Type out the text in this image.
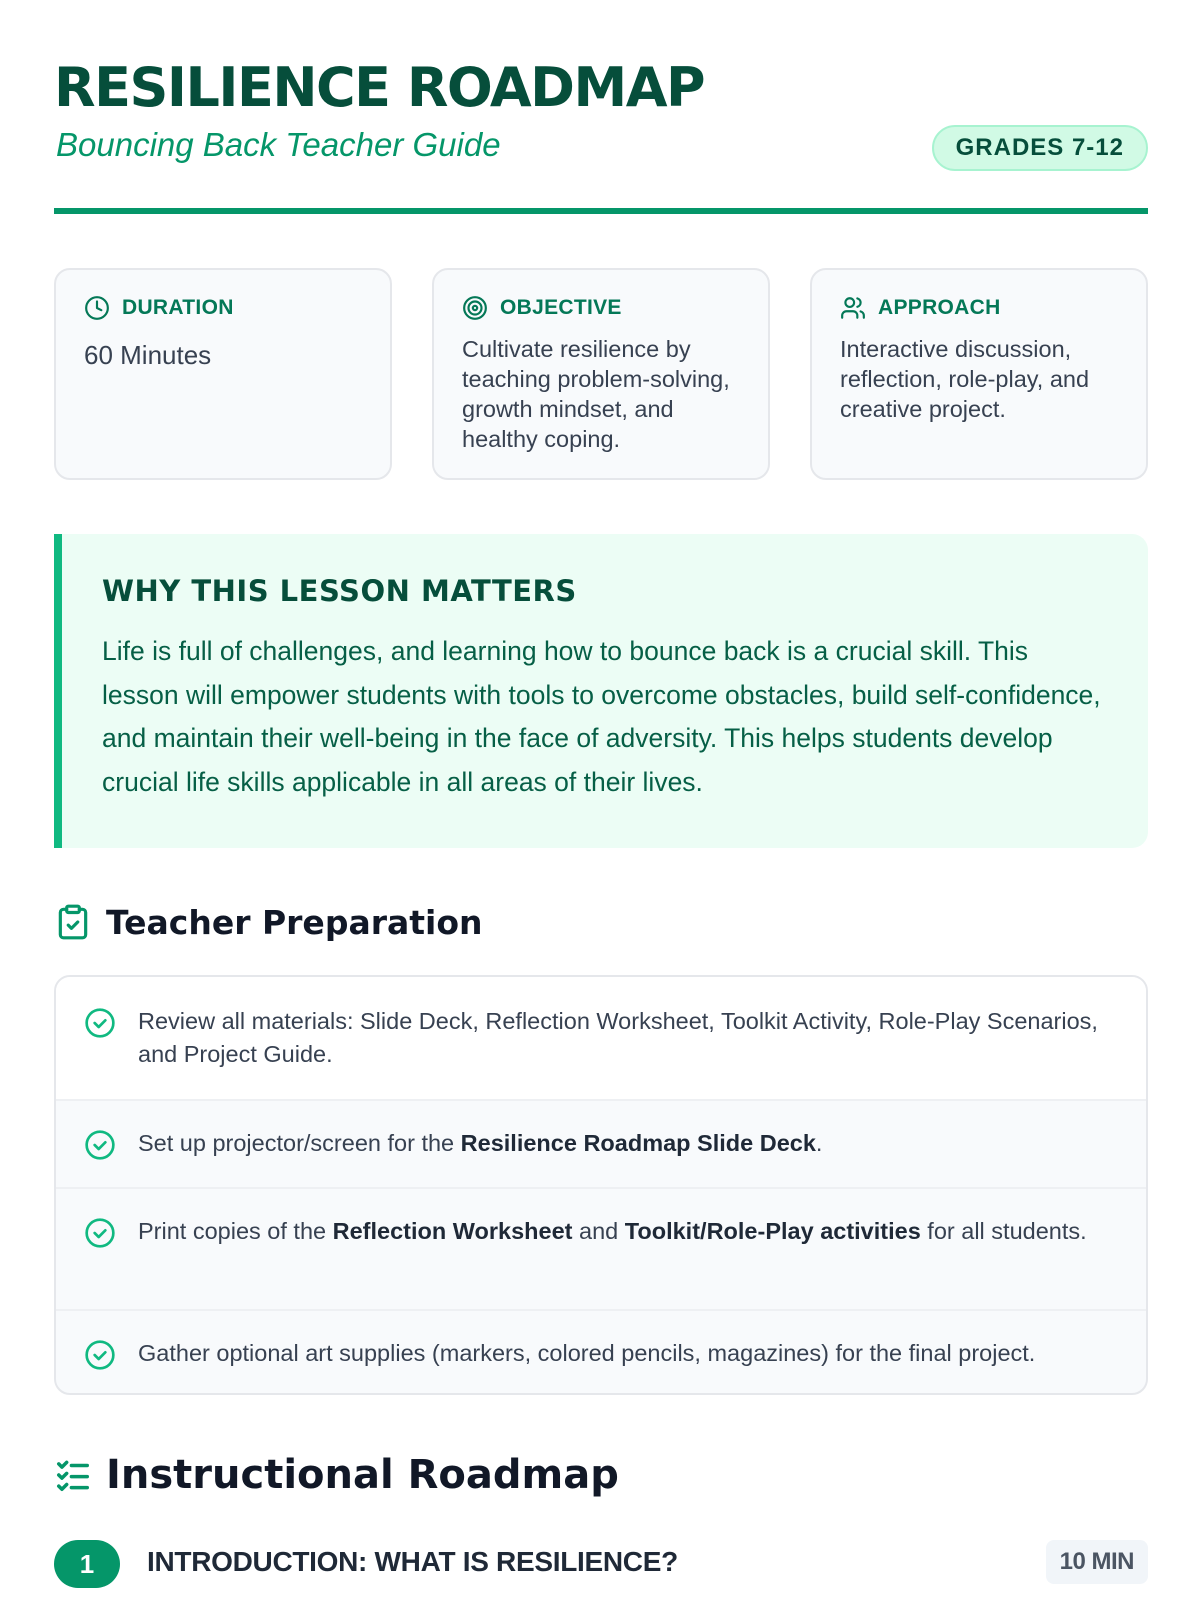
RESILIENCE ROADMAP
Bouncing Back Teacher Guide	GRADES 7-12
DURATION
60 Minutes
OBJECTIVE
Cultivate resilience by teaching problem-solving, growth mindset, and healthy coping.
APPROACH
Interactive discussion, reflection, role-play, and creative project.
WHY THIS LESSON MATTERS

Life is full of challenges, and learning how to bounce back is a crucial skill. This lesson will empower students with tools to overcome obstacles, build self-confidence, and maintain their well-being in the face of adversity. This helps students develop crucial life skills applicable in all areas of their lives.

Teacher Preparation
Review all materials: Slide Deck, Reflection Worksheet, Toolkit Activity, Role-Play Scenarios, and Project Guide.
Set up projector/screen for the Resilience Roadmap Slide Deck.
Print copies of the Reflection Worksheet and Toolkit/Role-Play activities for all students.
Gather optional art supplies (markers, colored pencils, magazines) for the final project.
Instructional Roadmap
1	INTRODUCTION: WHAT IS RESILIENCE?	10 MIN
